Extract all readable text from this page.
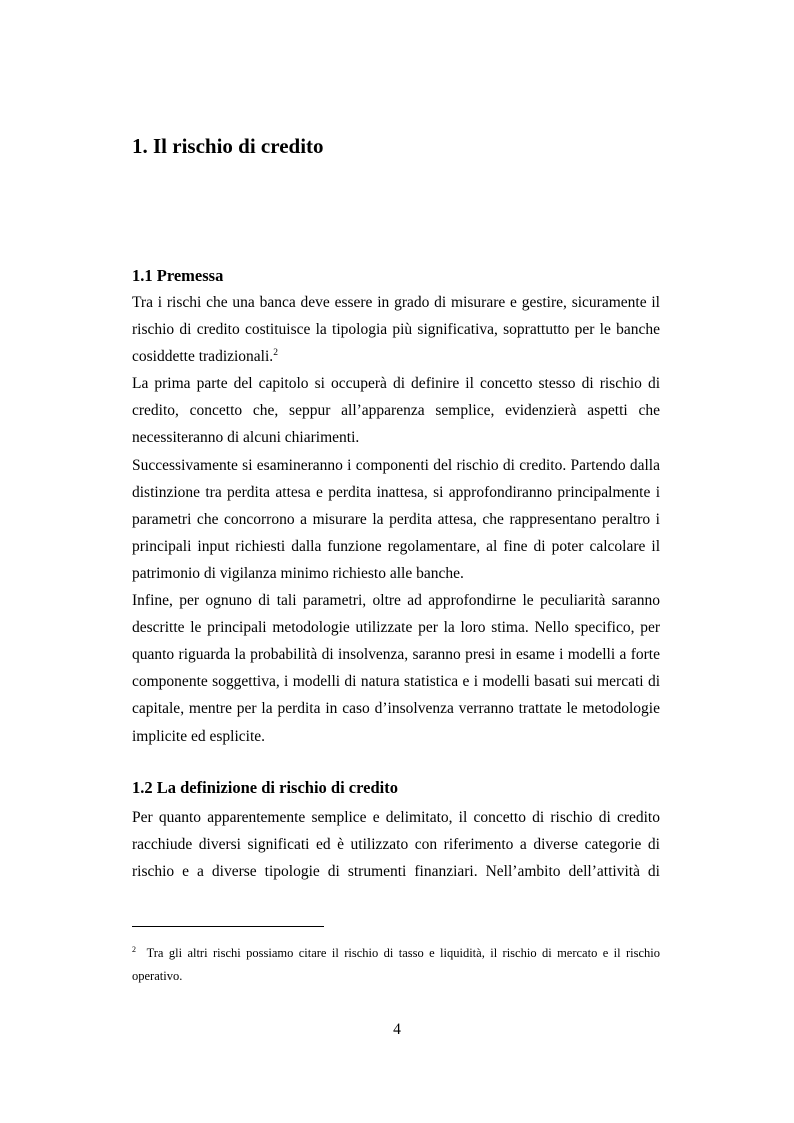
1. Il rischio di credito
1.1 Premessa

Tra i rischi che una banca deve essere in grado di misurare e gestire, sicuramente il rischio di credito costituisce la tipologia più significativa, soprattutto per le banche cosiddette tradizionali.$^2$

La prima parte del capitolo si occuperà di definire il concetto stesso di rischio di credito, concetto che, seppur all’apparenza semplice, evidenzierà aspetti che necessiteranno di alcuni chiarimenti.

Successivamente si esamineranno i componenti del rischio di credito. Partendo dalla distinzione tra perdita attesa e perdita inattesa, si approfondiranno principalmente i parametri che concorrono a misurare la perdita attesa, che rappresentano peraltro i principali input richiesti dalla funzione regolamentare, al fine di poter calcolare il patrimonio di vigilanza minimo richiesto alle banche.

Infine, per ognuno di tali parametri, oltre ad approfondirne le peculiarità saranno descritte le principali metodologie utilizzate per la loro stima. Nello specifico, per quanto riguarda la probabilità di insolvenza, saranno presi in esame i modelli a forte componente soggettiva, i modelli di natura statistica e i modelli basati sui mercati di capitale, mentre per la perdita in caso d’insolvenza verranno trattate le metodologie implicite ed esplicite.

1.2 La definizione di rischio di credito

Per quanto apparentemente semplice e delimitato, il concetto di rischio di credito racchiude diversi significati ed è utilizzato con riferimento a diverse categorie di rischio e a diverse tipologie di strumenti finanziari. Nell’ambito dell’attività di

$^2$ Tra gli altri rischi possiamo citare il rischio di tasso e liquidità, il rischio di mercato e il rischio operativo.
4
